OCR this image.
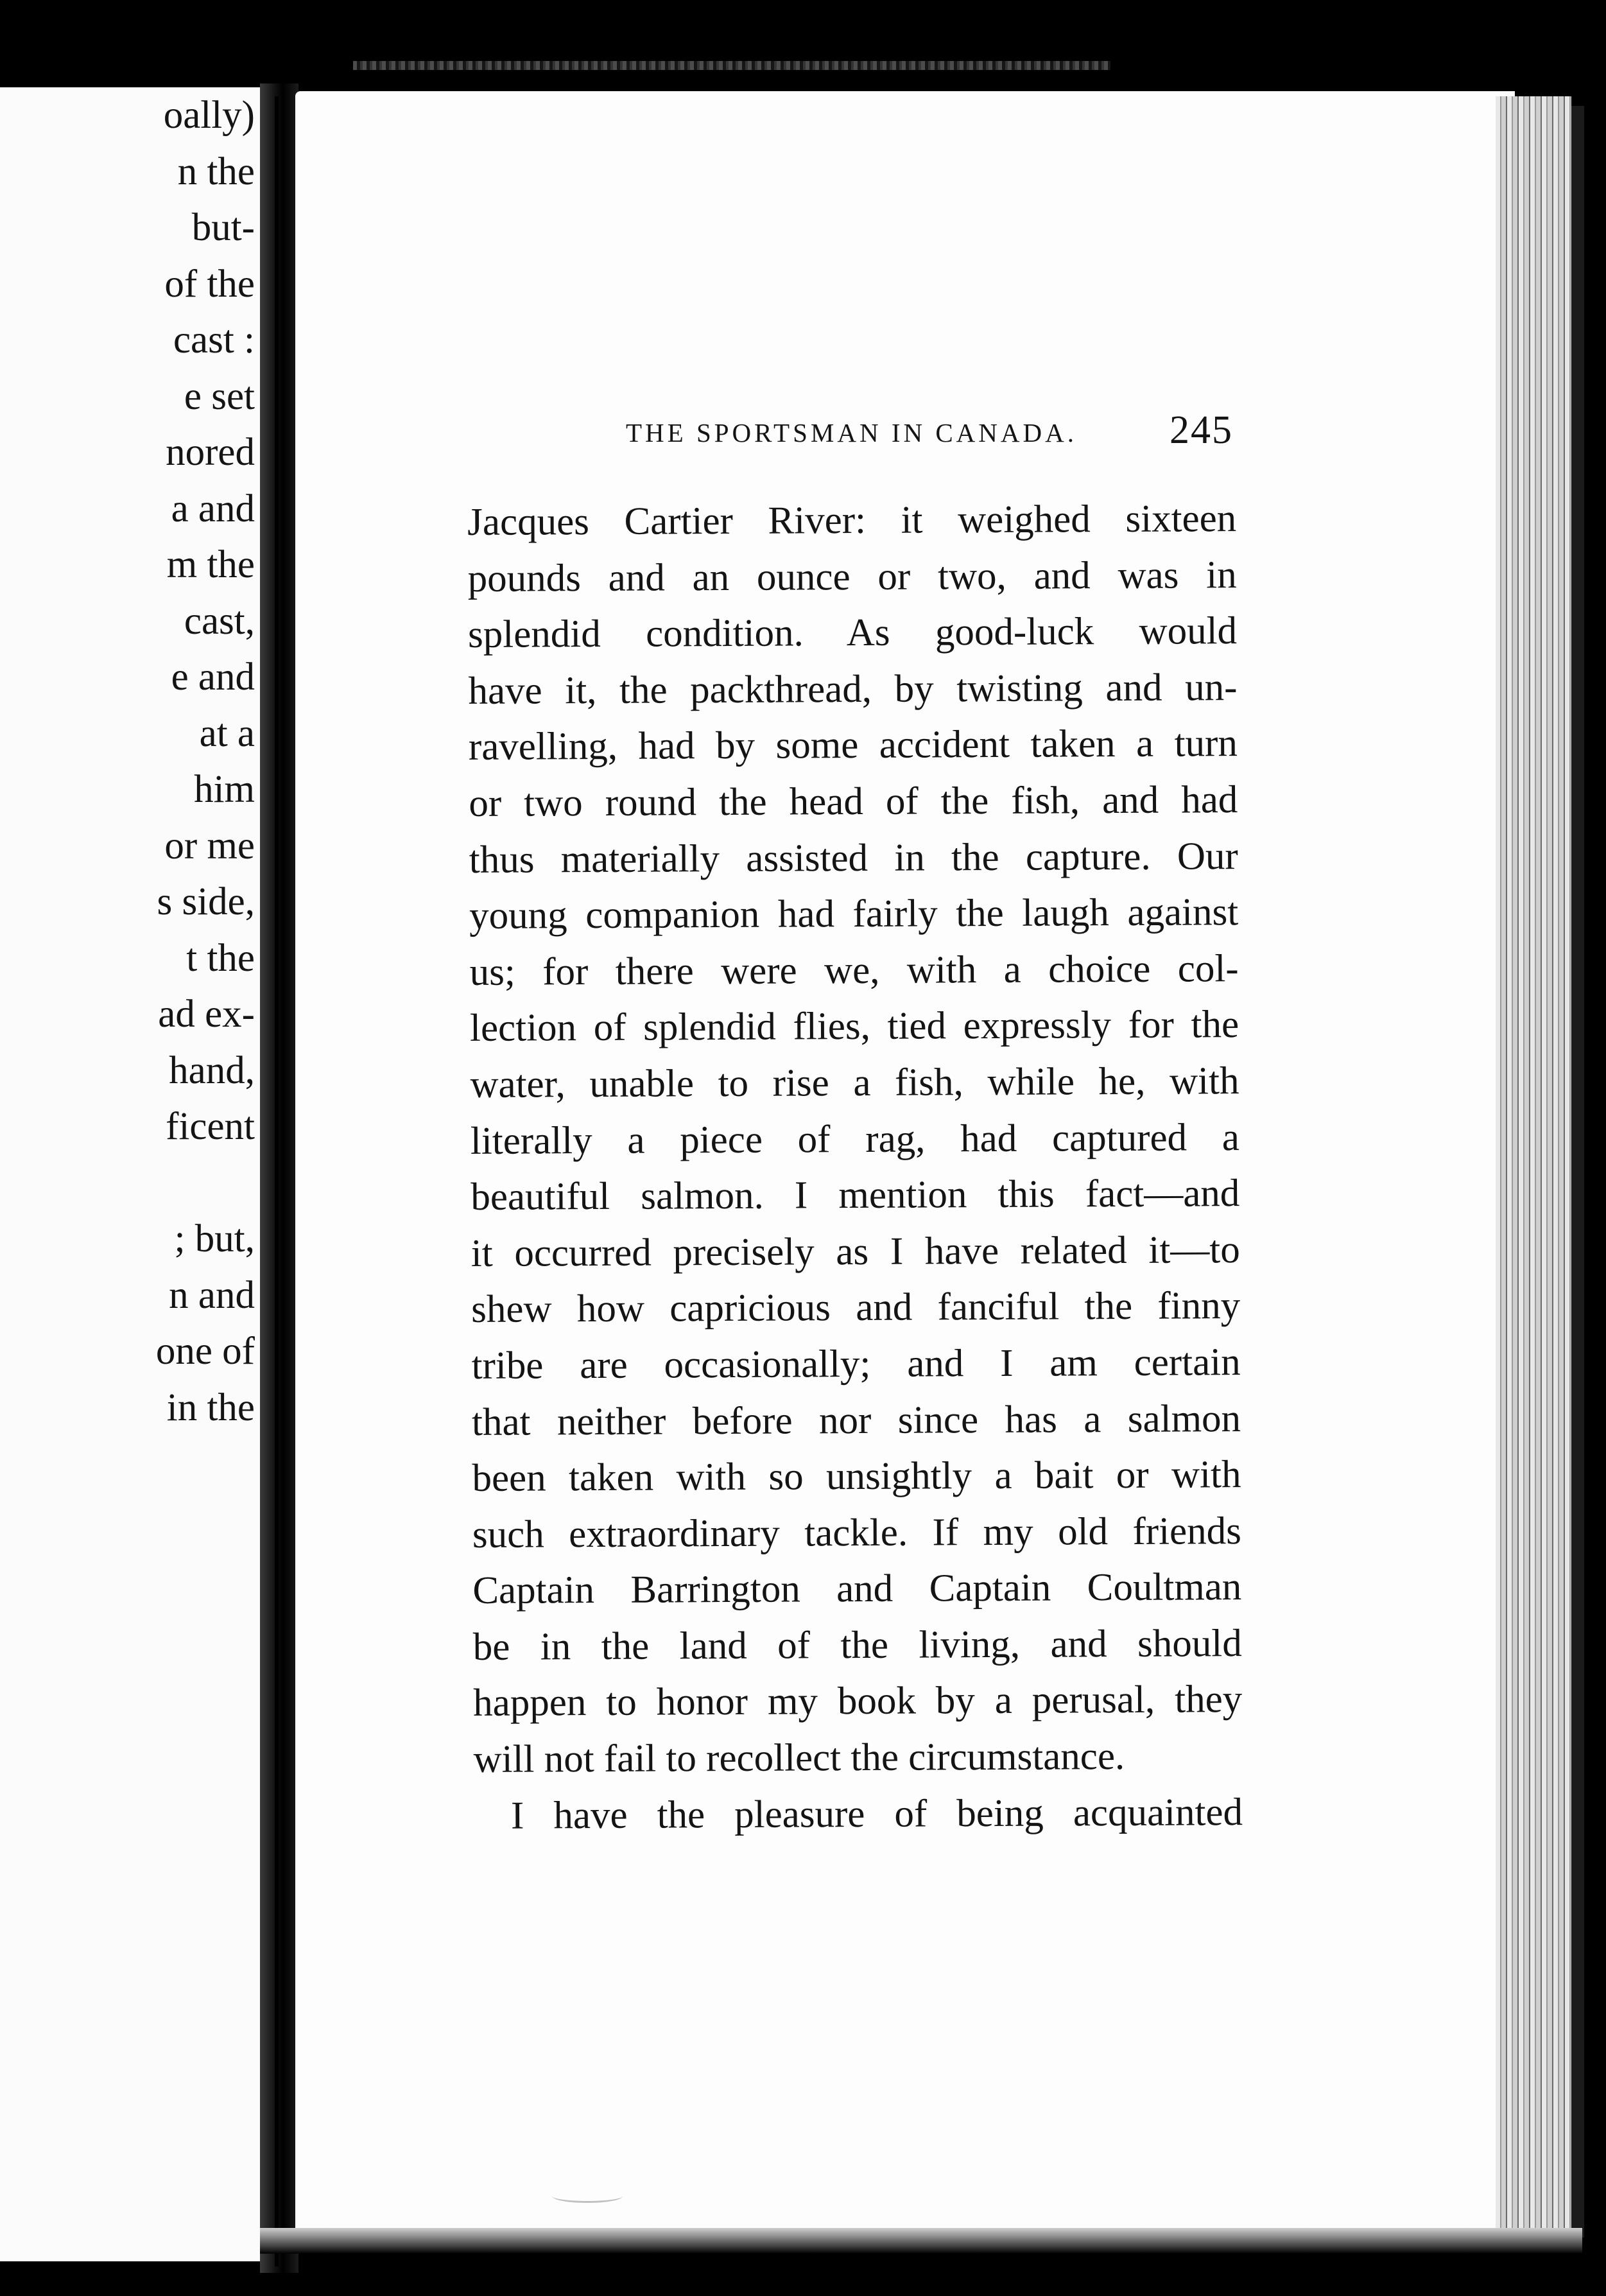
oally)
n the
but-
of the
cast :
e set
nored
a and
m the
cast,
e and
at a
him
or me
s side,
t the
ad ex-
hand,
ficent

; but,
n and
one of
in the
THE SPORTSMAN IN CANADA. 245
Jacques Cartier River: it weighed sixteen
pounds and an ounce or two, and was in
splendid condition. As good-luck would
have it, the packthread, by twisting and un-
ravelling, had by some accident taken a turn
or two round the head of the fish, and had
thus materially assisted in the capture. Our
young companion had fairly the laugh against
us; for there were we, with a choice col-
lection of splendid flies, tied expressly for the
water, unable to rise a fish, while he, with
literally a piece of rag, had captured a
beautiful salmon. I mention this fact—and
it occurred precisely as I have related it—to
shew how capricious and fanciful the finny
tribe are occasionally; and I am certain
that neither before nor since has a salmon
been taken with so unsightly a bait or with
such extraordinary tackle. If my old friends
Captain Barrington and Captain Coultman
be in the land of the living, and should
happen to honor my book by a perusal, they
will not fail to recollect the circumstance.
I have the pleasure of being acquainted
